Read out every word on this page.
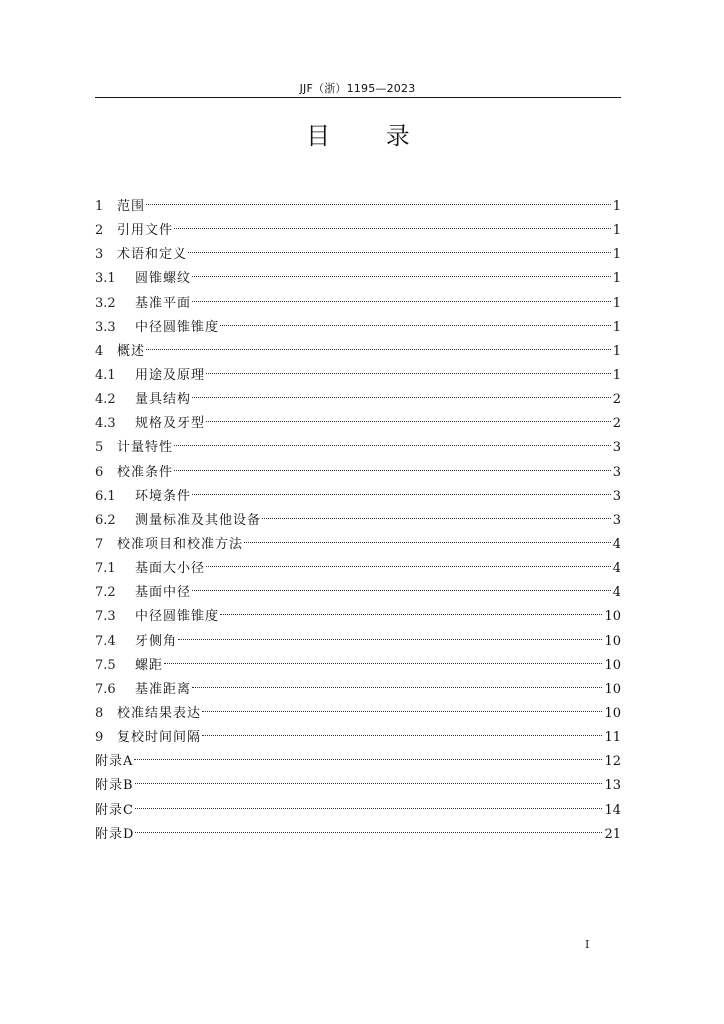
JJF（浙）1195—2023
目 录
1	范围	1
2	引用文件	1
3	术语和定义	1
3.1	圆锥螺纹	1
3.2	基准平面	1
3.3	中径圆锥锥度	1
4	概述	1
4.1	用途及原理	1
4.2	量具结构	2
4.3	规格及牙型	2
5	计量特性	3
6	校准条件	3
6.1	环境条件	3
6.2	测量标准及其他设备	3
7	校准项目和校准方法	4
7.1	基面大小径	4
7.2	基面中径	4
7.3	中径圆锥锥度	10
7.4	牙侧角	10
7.5	螺距	10
7.6	基准距离	10
8	校准结果表达	10
9	复校时间间隔	11
附录A	12
附录B	13
附录C	14
附录D	21
I
